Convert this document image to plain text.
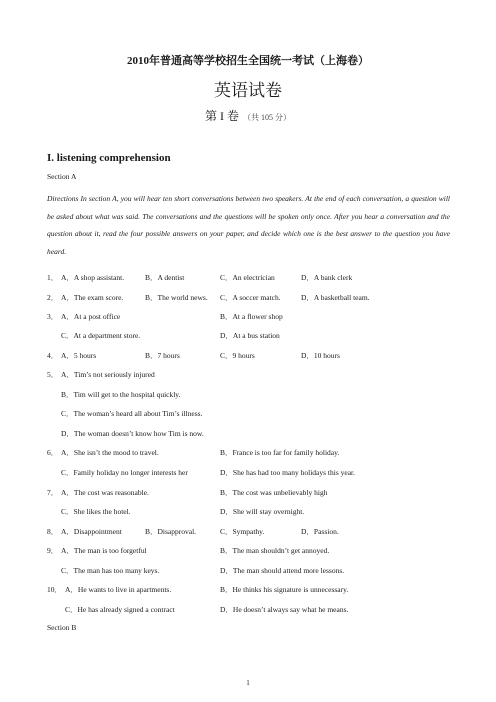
2010年普通高等学校招生全国统一考试（上海卷）
英语试卷
第 I 卷 （共 105 分）
I. listening comprehension
Section A
Directions In section A, you will hear ten short conversations between two speakers. At the end of each conversation, a question will be asked about what was said. The conversations and the questions will be spoken only once. After you hear a conversation and the question about it, read the four possible answers on your paper, and decide which one is the best answer to the question you have heard.
1． A．A shop assistant.	B．A dentist	C．An electrician	D．A bank clerk
2． A．The exam score.	B．The world news. C．A soccer match.	D．A basketball team.
3． A．At a post office	B．At a flower shop
C．At a department store.	D．At a bus station
4． A．5 hours	B．7 hours	C．9 hours	D．10 hours
5． A．Tim’s not seriously injured
B．Tim will get to the hospital quickly.
C．The woman’s heard all about Tim’s illness.
D．The woman doesn’t know how Tim is now.
6． A．She isn’t the mood to travel.	B．France is too far for family holiday.
C．Family holiday no longer interests her	D．She has had too many holidays this year.
7． A．The cost was reasonable.	B．The cost was unbelievably high
C．She likes the hotel.	D．She will stay overnight.
8． A．Disappointment	B．Disapproval.	C．Sympathy.	D．Passion.
9． A．The man is too forgetful	B．The man shouldn’t get annoyed.
C．The man has too many keys.	D．The man should attend more lessons.
10． A．He wants to live in apartments.	B．He thinks his signature is unnecessary.
C．He has already signed a contract	D．He doesn’t always say what he means.
Section B
1
